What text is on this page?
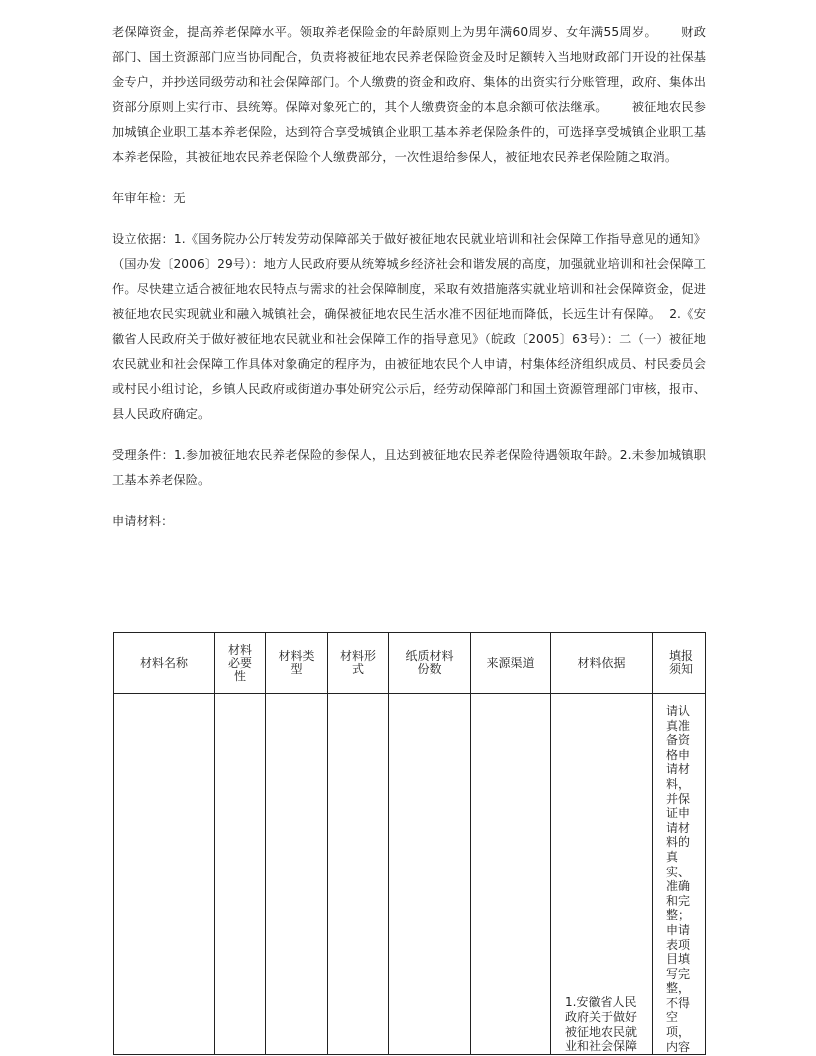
老保障资金，提高养老保障水平。领取养老保险金的年龄原则上为男年满60周岁、女年满55周岁。 财政部门、国土资源部门应当协同配合，负责将被征地农民养老保险资金及时足额转入当地财政部门开设的社保基金专户，并抄送同级劳动和社会保障部门。个人缴费的资金和政府、集体的出资实行分账管理，政府、集体出资部分原则上实行市、县统筹。保障对象死亡的，其个人缴费资金的本息余额可依法继承。 被征地农民参加城镇企业职工基本养老保险，达到符合享受城镇企业职工基本养老保险条件的，可选择享受城镇企业职工基本养老保险，其被征地农民养老保险个人缴费部分，一次性退给参保人，被征地农民养老保险随之取消。

年审年检：无

设立依据：1.《国务院办公厅转发劳动保障部关于做好被征地农民就业培训和社会保障工作指导意见的通知》（国办发〔2006〕29号）：地方人民政府要从统筹城乡经济社会和谐发展的高度，加强就业培训和社会保障工作。尽快建立适合被征地农民特点与需求的社会保障制度，采取有效措施落实就业培训和社会保障资金，促进被征地农民实现就业和融入城镇社会，确保被征地农民生活水准不因征地而降低，长远生计有保障。 2.《安徽省人民政府关于做好被征地农民就业和社会保障工作的指导意见》（皖政〔2005〕63号）：二（一）被征地农民就业和社会保障工作具体对象确定的程序为，由被征地农民个人申请，村集体经济组织成员、村民委员会或村民小组讨论，乡镇人民政府或街道办事处研究公示后，经劳动保障部门和国土资源管理部门审核，报市、县人民政府确定。

受理条件：1.参加被征地农民养老保险的参保人，且达到被征地农民养老保险待遇领取年龄。2.未参加城镇职工基本养老保险。

申请材料：

材料名称	材料必要性	材料类型	材料形式	纸质材料份数	来源渠道	材料依据	填报须知

						1.安徽省人民政府关于做好被征地农民就业和社会保障	请认真准备资格申请材料，并保证申请材料的真实、准确和完整；申请表项目填写完整，不得空项，内容
